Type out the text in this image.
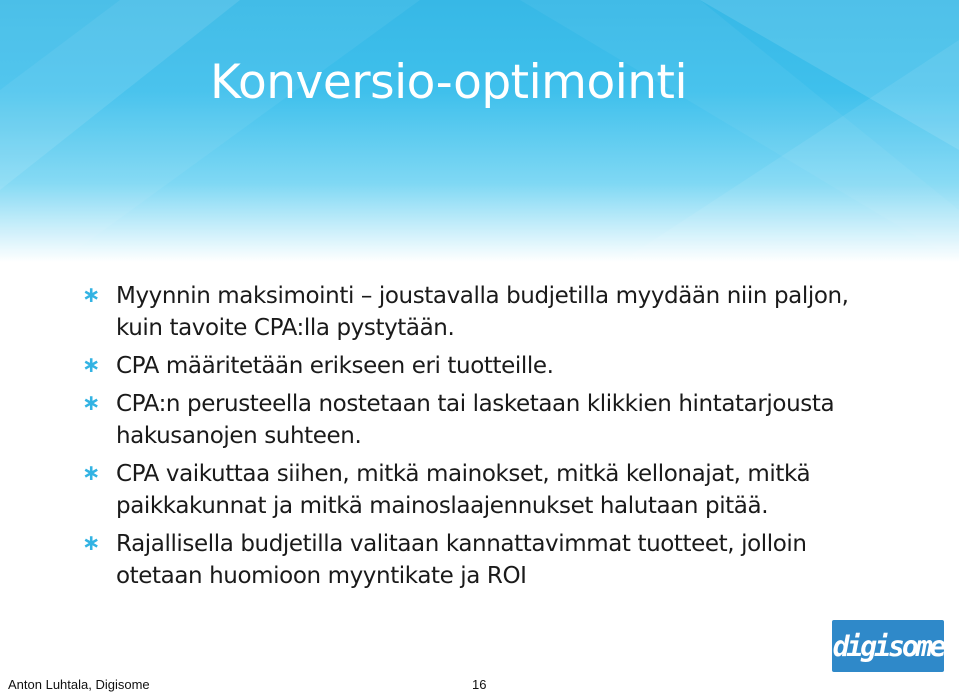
Konversio-optimointi
∗ Myynnin maksimointi – joustavalla budjetilla myydään niin paljon, kuin tavoite CPA:lla pystytään.
∗ CPA määritetään erikseen eri tuotteille.
∗ CPA:n perusteella nostetaan tai lasketaan klikkien hintatarjousta hakusanojen suhteen.
∗ CPA vaikuttaa siihen, mitkä mainokset, mitkä kellonajat, mitkä paikkakunnat ja mitkä mainoslaajennukset halutaan pitää.
∗ Rajallisella budjetilla valitaan kannattavimmat tuotteet, jolloin otetaan huomioon myyntikate ja ROI
digisome
Anton Luhtala, Digisome	16
